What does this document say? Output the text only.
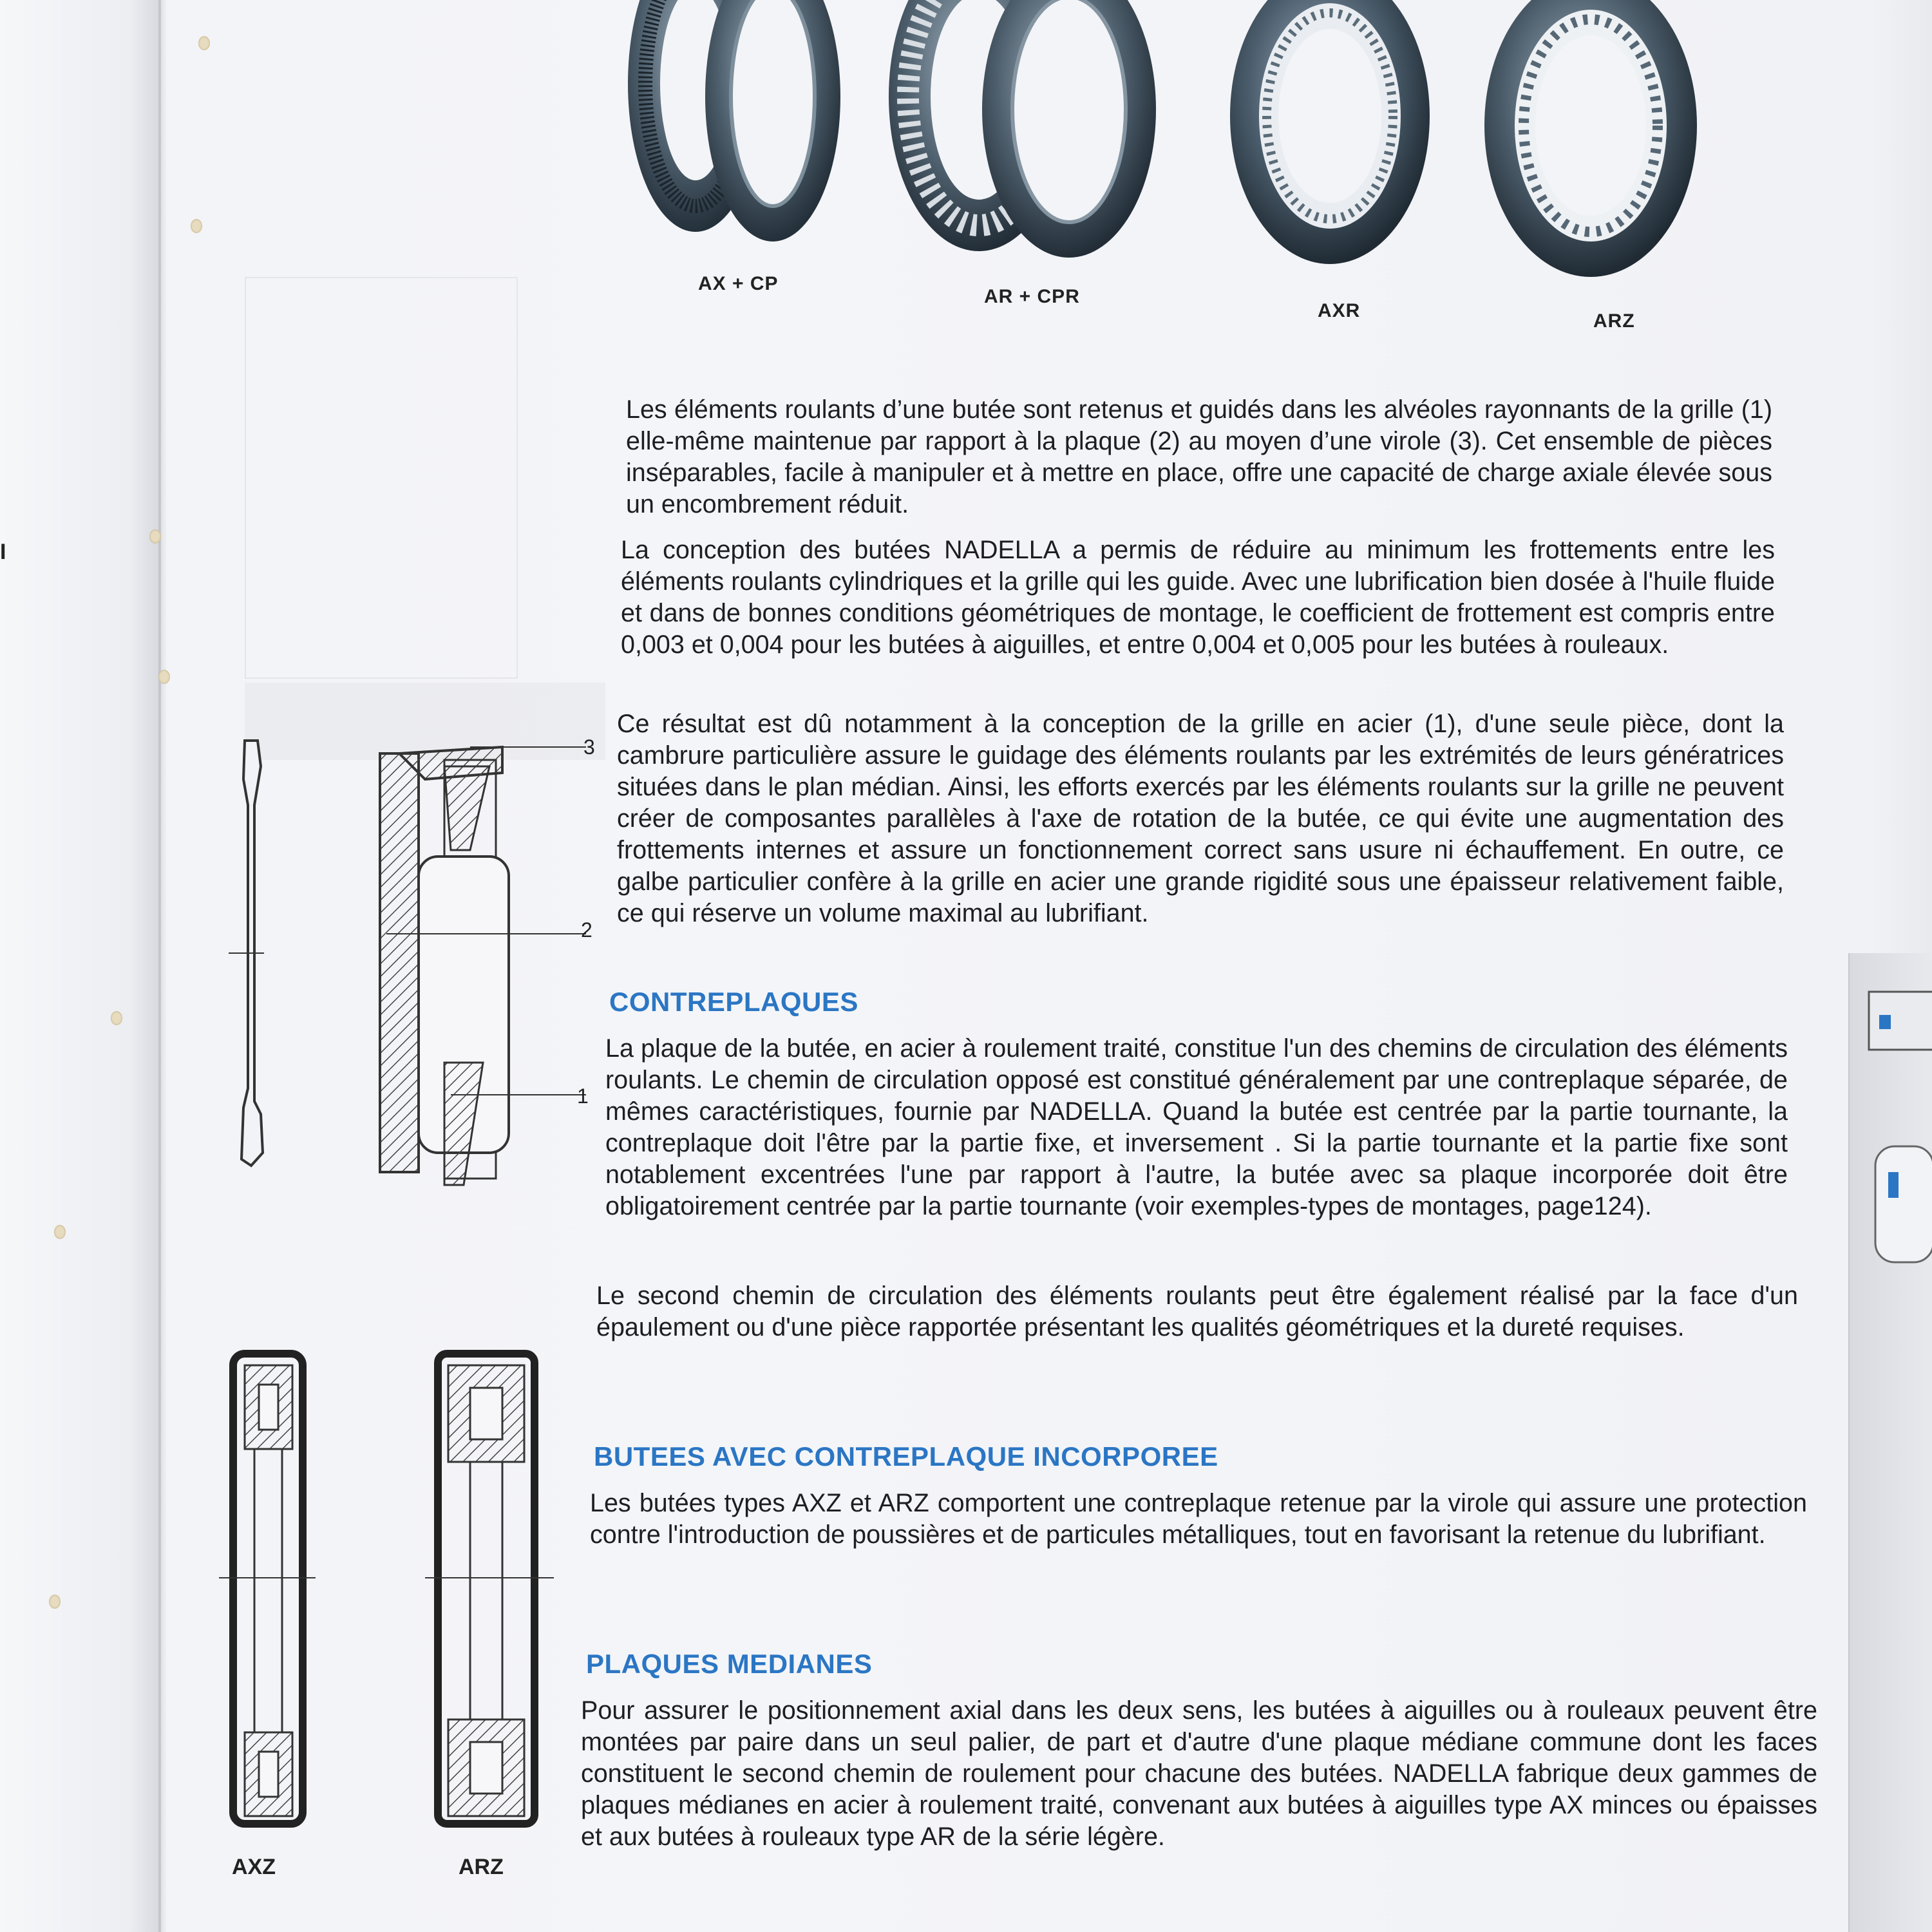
I
AX + CP
AR + CPR
AXR	ARZ

Les éléments roulants d’une butée sont retenus et guidés dans les alvéoles rayonnants de la grille (1) elle-même maintenue par rapport à la plaque (2) au moyen d’une virole (3). Cet ensemble de pièces inséparables, facile à manipuler et à mettre en place, offre une capacité de charge axiale élevée sous un encombrement réduit.

La conception des butées NADELLA a permis de réduire au minimum les frottements entre les éléments roulants cylindriques et la grille qui les guide. Avec une lubrification bien dosée à l'huile fluide et dans de bonnes conditions géométriques de montage, le coefficient de frottement est compris entre 0,003 et 0,004 pour les butées à aiguilles, et entre 0,004 et 0,005 pour les butées à rouleaux.

Ce résultat est dû notamment à la conception de la grille en acier (1), d'une seule pièce, dont la cambrure particulière assure le guidage des éléments roulants par les extrémités de leurs génératrices situées dans le plan médian. Ainsi, les efforts exercés par les éléments roulants sur la grille ne peuvent créer de composantes parallèles à l'axe de rotation de la butée, ce qui évite une augmentation des frottements internes et assure un fonctionnement correct sans usure ni échauffement. En outre, ce galbe particulier confère à la grille en acier une grande rigidité sous une épaisseur relativement faible, ce qui réserve un volume maximal au lubrifiant.

3
2
1
CONTREPLAQUES

La plaque de la butée, en acier à roulement traité, constitue l'un des chemins de circulation des éléments roulants. Le chemin de circulation opposé est constitué généralement par une contreplaque séparée, de mêmes caractéristiques, fournie par NADELLA. Quand la butée est centrée par la partie tournante, la contreplaque doit l'être par la partie fixe, et inversement . Si la partie tournante et la partie fixe sont notablement excentrées l'une par rapport à l'autre, la butée avec sa plaque incorporée doit être obligatoirement centrée par la partie tournante (voir exemples-types de montages, page124).

Le second chemin de circulation des éléments roulants peut être également réalisé par la face d'un épaulement ou d'une pièce rapportée présentant les qualités géométriques et la dureté requises.

BUTEES AVEC CONTREPLAQUE INCORPOREE

Les butées types AXZ et ARZ comportent une contreplaque retenue par la virole qui assure une protection contre l'introduction de poussières et de particules métalliques, tout en favorisant la retenue du lubrifiant.

PLAQUES MEDIANES

Pour assurer le positionnement axial dans les deux sens, les butées à aiguilles ou à rouleaux peuvent être montées par paire dans un seul palier, de part et d'autre d'une plaque médiane commune dont les faces constituent le second chemin de roulement pour chacune des butées. NADELLA fabrique deux gammes de plaques médianes en acier à roulement traité, convenant aux butées à aiguilles type AX minces ou épaisses et aux butées à rouleaux type AR de la série légère.

AXZ	ARZ
